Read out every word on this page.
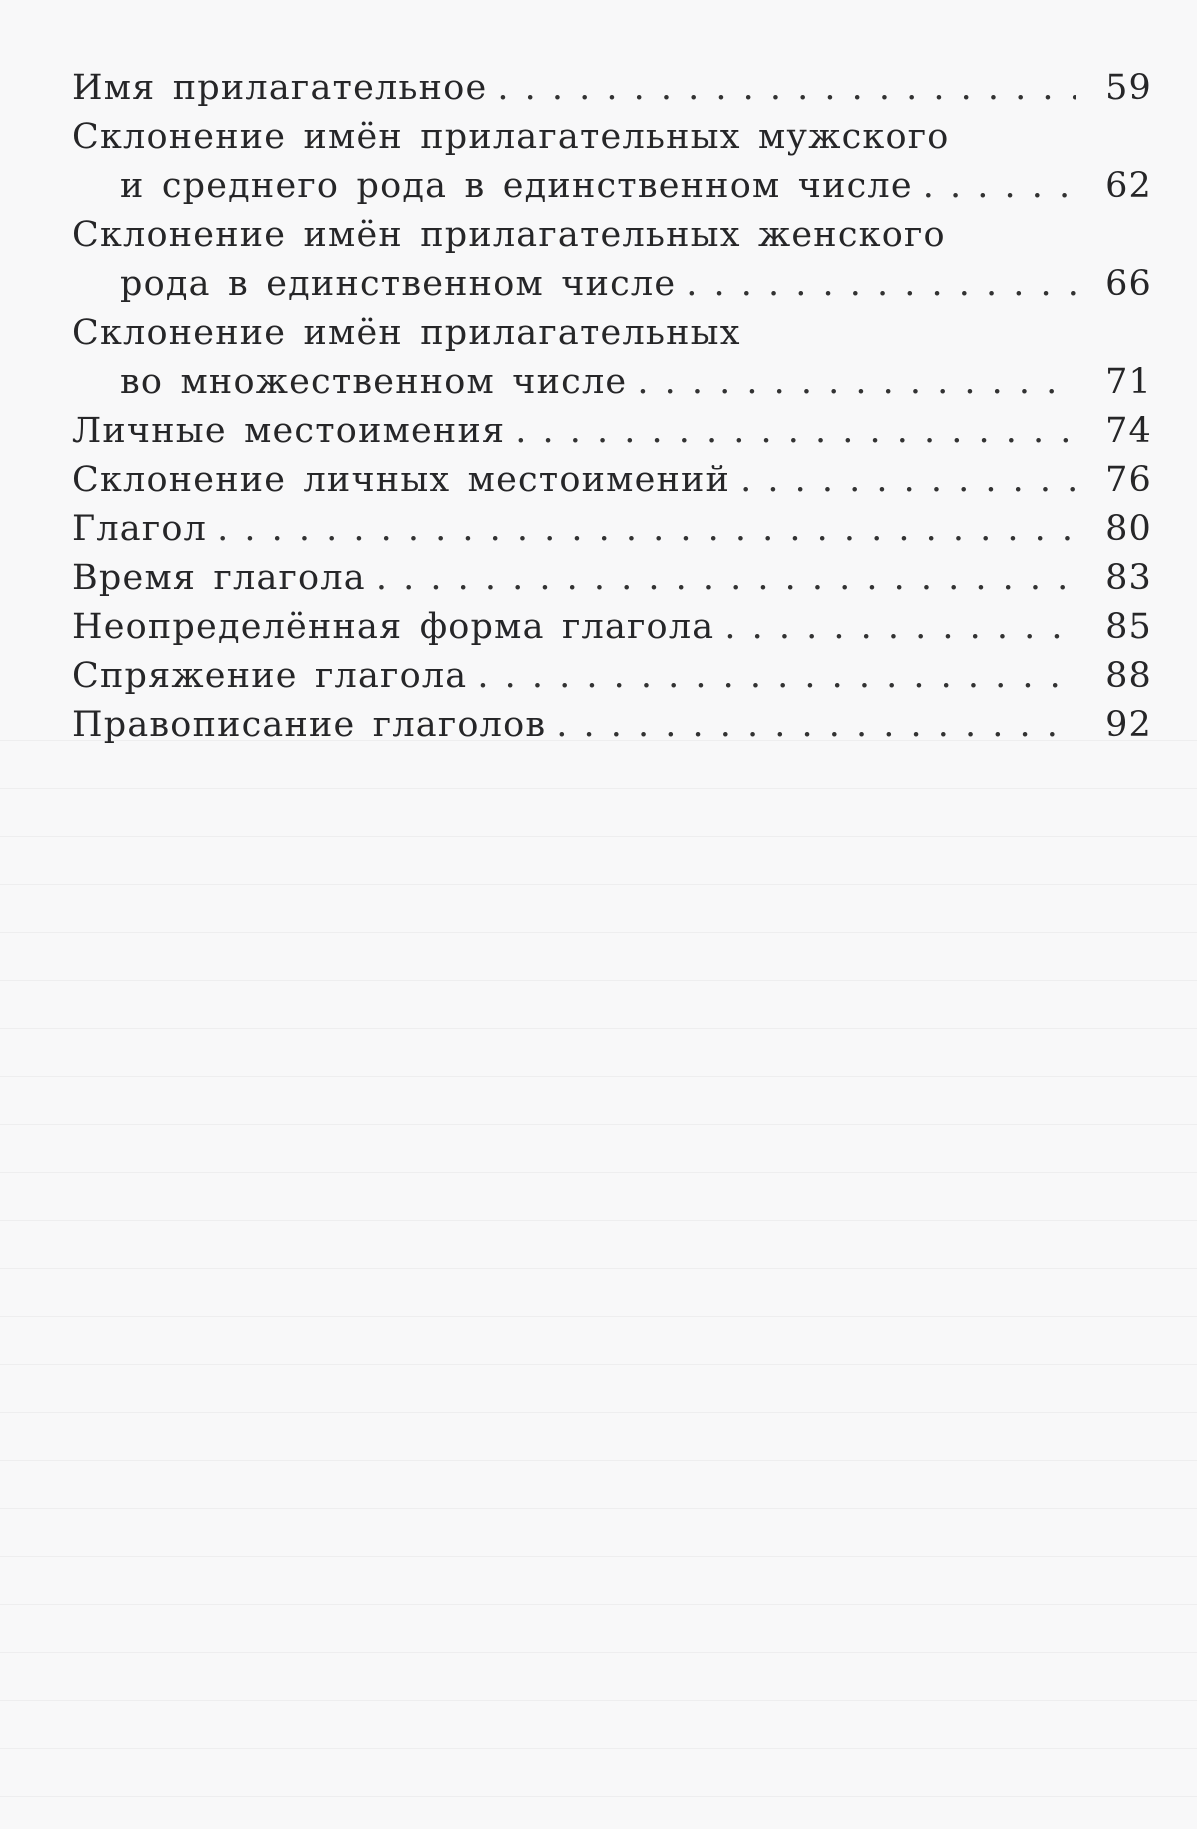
Имя прилагательное . . .	59
Склонение имён прилагательных мужского
и среднего рода в единственном числе . . .	62
Склонение имён прилагательных женского
рода в единственном числе . . .	66
Склонение имён прилагательных
во множественном числе . . .	71
Личные местоимения . . .	74
Склонение личных местоимений . . .	76
Глагол . . .	80
Время глагола . . .	83
Неопределённая форма глагола . . .	85
Спряжение глагола . . .	88
Правописание глаголов . . .	92
